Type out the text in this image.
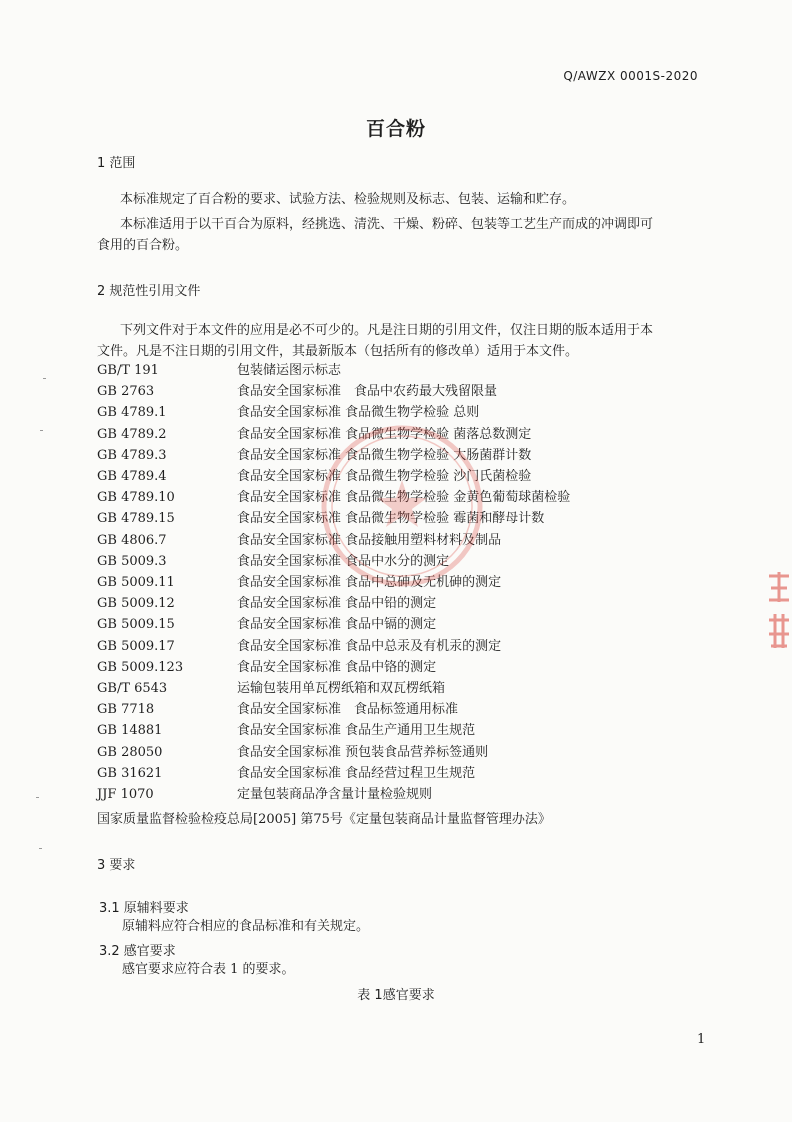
Q/AWZX 0001S-2020
百合粉
1 范围
本标准规定了百合粉的要求、试验方法、检验规则及标志、包装、运输和贮存。
本标准适用于以干百合为原料，经挑选、清洗、干燥、粉碎、包装等工艺生产而成的冲调即可
食用的百合粉。
2 规范性引用文件
下列文件对于本文件的应用是必不可少的。凡是注日期的引用文件，仅注日期的版本适用于本
文件。凡是不注日期的引用文件，其最新版本（包括所有的修改单）适用于本文件。
GB/T 191	包装储运图示标志
GB 2763	食品安全国家标准　食品中农药最大残留限量
GB 4789.1	食品安全国家标准 食品微生物学检验 总则
GB 4789.2	食品安全国家标准 食品微生物学检验 菌落总数测定
GB 4789.3	食品安全国家标准 食品微生物学检验 大肠菌群计数
GB 4789.4	食品安全国家标准 食品微生物学检验 沙门氏菌检验
GB 4789.10	食品安全国家标准 食品微生物学检验 金黄色葡萄球菌检验
GB 4789.15	食品安全国家标准 食品微生物学检验 霉菌和酵母计数
GB 4806.7	食品安全国家标准 食品接触用塑料材料及制品
GB 5009.3	食品安全国家标准 食品中水分的测定
GB 5009.11	食品安全国家标准 食品中总砷及无机砷的测定
GB 5009.12	食品安全国家标准 食品中铅的测定
GB 5009.15	食品安全国家标准 食品中镉的测定
GB 5009.17	食品安全国家标准 食品中总汞及有机汞的测定
GB 5009.123	食品安全国家标准 食品中铬的测定
GB/T 6543	运输包装用单瓦楞纸箱和双瓦楞纸箱
GB 7718	食品安全国家标准　食品标签通用标准
GB 14881	食品安全国家标准 食品生产通用卫生规范
GB 28050	食品安全国家标准 预包装食品营养标签通则
GB 31621	食品安全国家标准 食品经营过程卫生规范
JJF 1070	定量包装商品净含量计量检验规则
国家质量监督检验检疫总局[2005] 第75号《定量包装商品计量监督管理办法》
3 要求
3.1 原辅料要求
原辅料应符合相应的食品标准和有关规定。
3.2 感官要求
感官要求应符合表 1 的要求。
表 1感官要求
1
